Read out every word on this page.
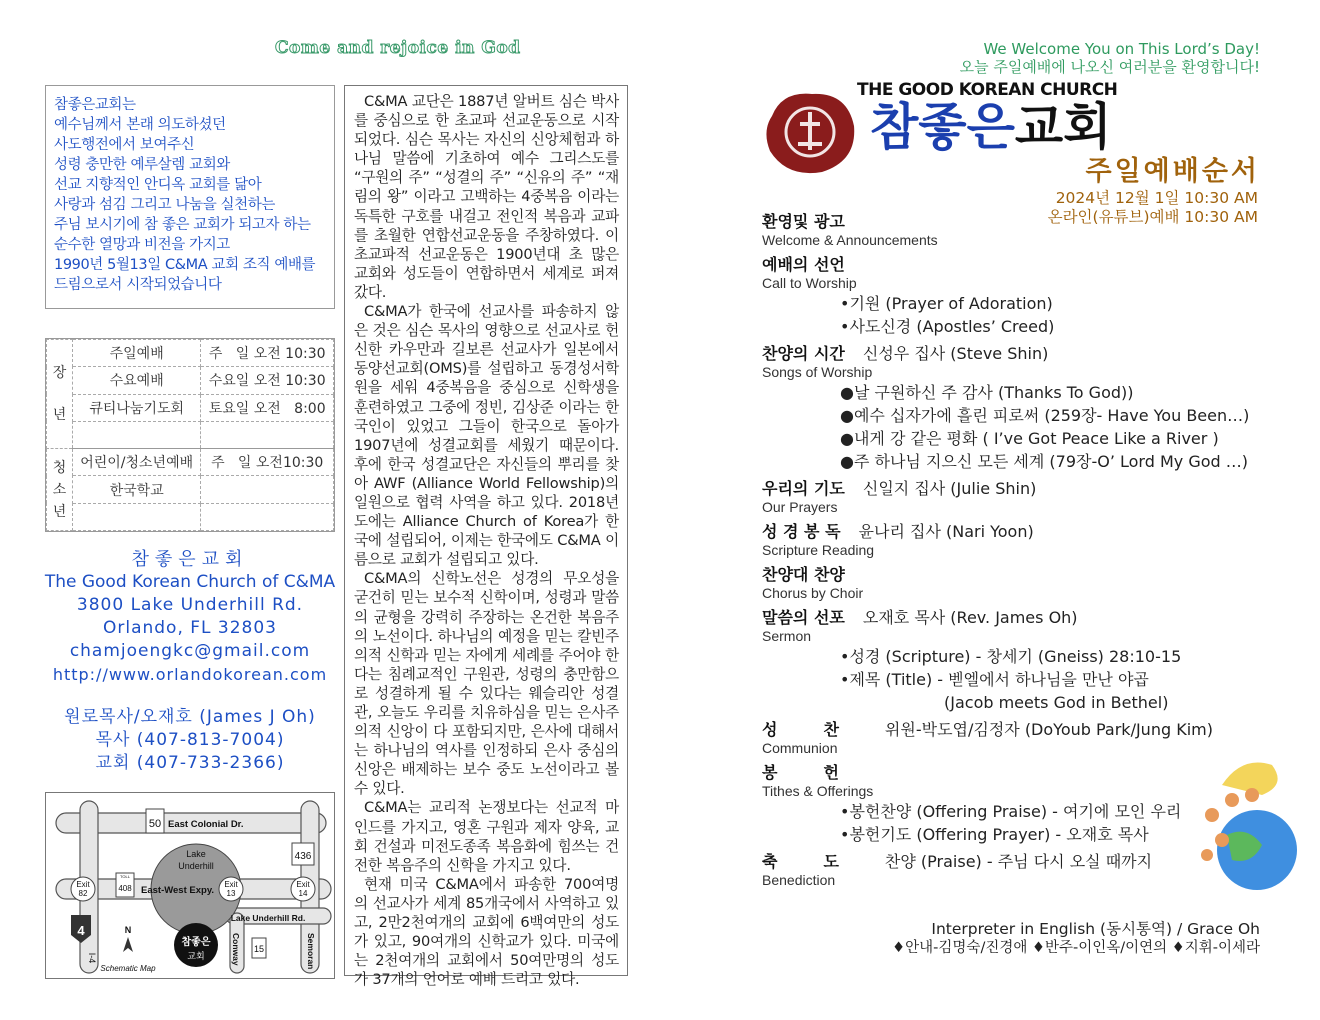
Come and rejoice in God
참좋은교회는
예수님께서 본래 의도하셨던
사도행전에서 보여주신
성령 충만한 예루살렘 교회와
선교 지향적인 안디옥 교회를 닮아
사랑과 섬김 그리고 나눔을 실천하는
주님 보시기에 참 좋은 교회가 되고자 하는
순수한 열망과 비전을 가지고
1990년 5월13일 C&MA 교회 조직 예배를
드림으로서 시작되었습니다
장
년	주일예배	주   일 오전 10:30
	수요예배	수요일 오전 10:30
	큐티나눔기도회	토요일 오전   8:00

청
소
년	어린이/청소년예배	주   일 오전10:30
	한국학교	

참좋은교회
The Good Korean Church of C&MA
3800 Lake Underhill Rd.
Orlando, FL 32803
chamjoengkc@gmail.com
http://www.orlandokorean.com
원로목사/오재호 (James J Oh)
목사 (407-813-7004)
교회 (407-733-2366)
Lake
Underhill
50 East Colonial Dr.
436
Exit
82
TOLL
408 East-West Expy.
Exit
13
Exit
14
Lake Underhill Rd.
4
I-4
N
Schematic Map
참좋은
교회	Conway 15	Semoran

C&MA 교단은 1887년 알버트 심슨 박사를 중심으로 한 초교파 선교운동으로 시작되었다. 심슨 목사는 자신의 신앙체험과 하나님 말씀에 기초하여 예수 그리스도를 “구원의 주” “성결의 주” “신유의 주” “재림의 왕” 이라고 고백하는 4중복음 이라는 독특한 구호를 내걸고 전인적 복음과 교파를 초월한 연합선교운동을 주창하였다. 이 초교파적 선교운동은 1900년대 초 많은 교회와 성도들이 연합하면서 세계로 퍼져 갔다.

C&MA가 한국에 선교사를 파송하지 않은 것은 심슨 목사의 영향으로 선교사로 헌신한 카우만과 길보른 선교사가 일본에서 동양선교회(OMS)를 설립하고 동경성서학원을 세워 4중복음을 중심으로 신학생을 훈련하였고 그중에 정빈, 김상준 이라는 한국인이 있었고 그들이 한국으로 돌아가 1907년에 성결교회를 세웠기 때문이다. 후에 한국 성결교단은 자신들의 뿌리를 찾아 AWF (Alliance World Fellowship)의 일원으로 협력 사역을 하고 있다. 2018년도에는 Alliance Church of Korea가 한국에 설립되어, 이제는 한국에도 C&MA 이름으로 교회가 설립되고 있다.

C&MA의 신학노선은 성경의 무오성을 굳건히 믿는 보수적 신학이며, 성령과 말씀의 균형을 강력히 주장하는 온건한 복음주의 노선이다. 하나님의 예정을 믿는 칼빈주의적 신학과 믿는 자에게 세례를 주어야 한다는 침례교적인 구원관, 성령의 충만함으로 성결하게 될 수 있다는 웨슬리안 성결관, 오늘도 우리를 치유하심을 믿는 은사주의적 신앙이 다 포함되지만, 은사에 대해서는 하나님의 역사를 인정하되 은사 중심의 신앙은 배제하는 보수 중도 노선이라고 볼 수 있다.

C&MA는 교리적 논쟁보다는 선교적 마인드를 가지고, 영혼 구원과 제자 양육, 교회 건설과 미전도종족 복음화에 힘쓰는 건전한 복음주의 신학을 가지고 있다.

현재 미국 C&MA에서 파송한 700여명의 선교사가 세계 85개국에서 사역하고 있고, 2만2천여개의 교회에 6백여만의 성도가 있고, 90여개의 신학교가 있다. 미국에는 2천여개의 교회에서 50여만명의 성도가 37개의 언어로 예배 드리고 있다.

We Welcome You on This Lord’s Day!
오늘 주일예배에 나오신 여러분을 환영합니다!
THE GOOD KOREAN CHURCH
참좋은교회
주일예배순서
2024년 12월 1일 10:30 AM
온라인(유튜브)예배 10:30 AM
환영및 광고
Welcome & Announcements
예배의 선언
Call to Worship
•기원 (Prayer of Adoration)
•사도신경 (Apostles’ Creed)
찬양의 시간 신성우 집사 (Steve Shin)
Songs of Worship
●날 구원하신 주 감사 (Thanks To God))
●예수 십자가에 흘린 피로써 (259장- Have You Been…)
●내게 강 같은 평화 ( I’ve Got Peace Like a River )
●주 하나님 지으신 모든 세계 (79장-O’ Lord My God …)
우리의 기도 신일지 집사 (Julie Shin)
Our Prayers
성 경 봉 독 윤나리 집사 (Nari Yoon)
Scripture Reading
찬양대 찬양
Chorus by Choir
말씀의 선포 오재호 목사 (Rev. James Oh)
Sermon
•성경 (Scripture) - 창세기 (Gneiss) 28:10-15
•제목 (Title) - 벧엘에서 하나님을 만난 야곱
(Jacob meets God in Bethel)
성찬위원-박도엽/김정자 (DoYoub Park/Jung Kim)
Communion
봉헌
Tithes & Offerings
•봉헌찬양 (Offering Praise) - 여기에 모인 우리
•봉헌기도 (Offering Prayer) - 오재호 목사
축도찬양 (Praise) - 주님 다시 오실 때까지
Benediction
Interpreter in English (동시통역) / Grace Oh
♦안내-김명숙/진경애 ♦반주-이인옥/이연의 ♦지휘-이세라
